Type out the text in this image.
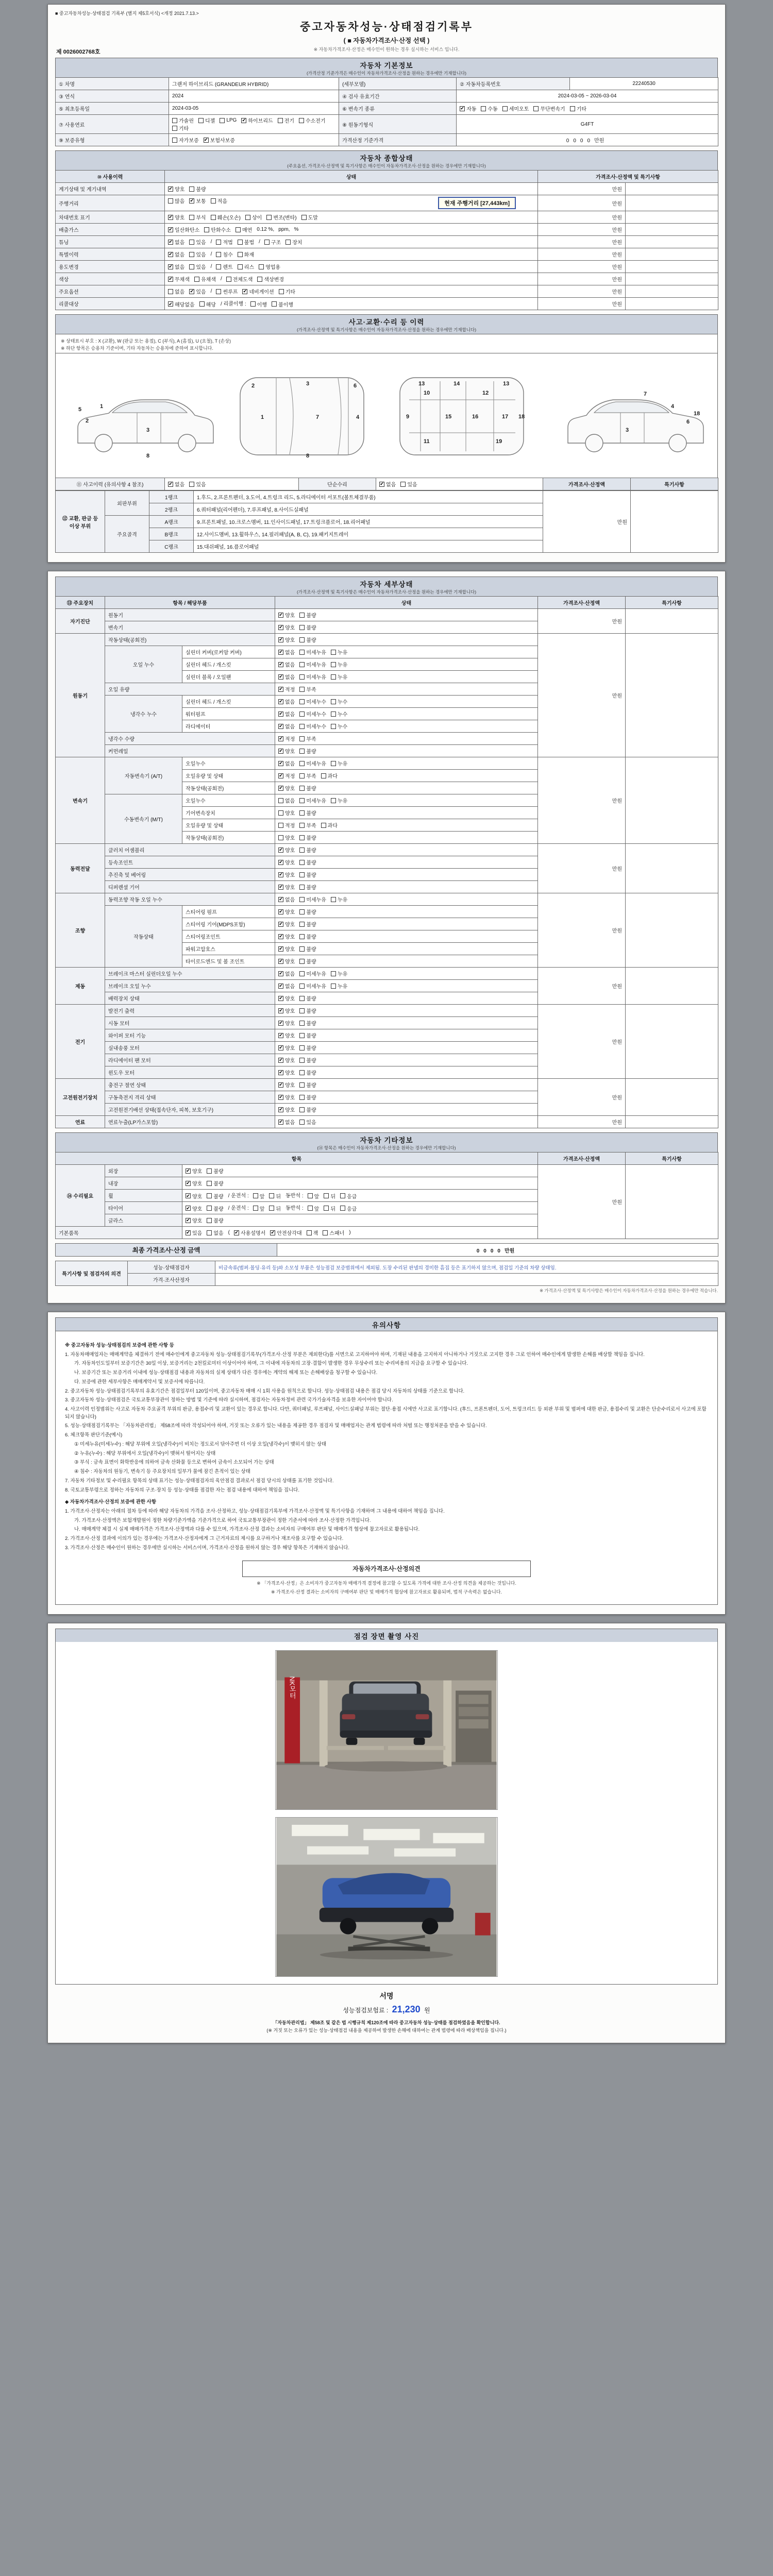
■ 중고자동차성능·상태점검 기록부 (별지 제5호서식) <개정 2021.7.13.>
중고자동차성능·상태점검기록부
( ■ 자동차가격조사·산정 선택 )
※ 자동차가격조사·산정은 매수인이 원하는 경우 실시하는 서비스 입니다.
제 0026002768호
자동차 기본정보
(가격산정 기준가격은 매수인이 자동차가격조사·산정을 원하는 경우에만 기재합니다)
① 차명	그랜저 하이브리드 (GRANDEUR HYBRID)	(세부모델)	② 자동차등록번호	22240530
③ 연식	2024	④ 검사 유효기간	2024-03-05 ~ 2026-03-04	
⑤ 최초등록일	2024-03-05	⑥ 변속기 종류	✔ 자동 수동 세미오토 무단변속기 기타

⑦ 사용연료	
가솔린 디젤 LPG ✔ 하이브리드 전기 수소전기
기타
	⑧ 원동기형식	G4FT
⑨ 보증유형	자가보증 ✔ 보험사보증	가격산정 기준가격	0 0 0 0 만원	
자동차 종합상태
(주요옵션, 가격조사·산정액 및 특기사항은 매수인이 자동차가격조사·산정을 원하는 경우에만 기재합니다)
⑩ 사용이력	상태	가격조사·산정액 및 특기사항	
계기상태 및 계기내역	✔ 양호 불량	만원	
주행거리	많음 ✔ 보통 적음 현재 주행거리 [27,443km]	만원	
차대번호 표기	✔ 양호 부식 훼손(오손) 상이 변조(변타) 도말	만원	
배출가스	✔ 일산화탄소 탄화수소 매연 0.12 %, ppm, %	만원	
튜닝	✔ 없음 있음 / 적법 불법 / 구조 장치	만원	
특별이력	✔ 없음 있음 / 침수 화재	만원	
용도변경	✔ 없음 있음 / 렌트 리스 영업용	만원	
색상	✔ 무채색 유채색 / 전체도색 색상변경	만원	
주요옵션	없음 ✔ 있음 / 썬루프 ✔ 네비게이션 기타	만원	
리콜대상	✔ 해당없음 해당 / 리콜이행 : 이행 불이행	만원	
사고·교환·수리 등 이력
(가격조사·산정액 및 특기사항은 매수인이 자동차가격조사·산정을 원하는 경우에만 기재합니다)
※ 상태표시 부호 : X (교환), W (판금 또는 용접), C (부식), A (흠집), U (요철), T (손상)
※ 하단 항목은 승용차 기준이며, 기타 자동차는 승용차에 준하여 표시합니다.
1
2
3
5
8
2
1
3
7
6
4
8
9
10
11
13
15
14
16
12
19
13
17 18
7
3
4
6
18
⑪ 사고이력 (유의사항 4 참조)	✔ 없음 있음	단순수리	✔ 없음 있음	가격조사·산정액	특기사항
⑫ 교환, 판금 등 이상 부위	외판부위	1랭크	1.후드, 2.프론트펜더, 3.도어, 4.트렁크 리드, 5.라디에이터 서포트(볼트체결부품)	만원	
		2랭크	6.쿼터패널(리어펜더), 7.루프패널, 8.사이드실패널		
	주요골격	A랭크	9.프론트패널, 10.크로스멤버, 11.인사이드패널, 17.트렁크플로어, 18.리어패널		
		B랭크	12.사이드멤버, 13.휠하우스, 14.필러패널(A, B, C), 19.패키지트레이		
		C랭크	15.대쉬패널, 16.플로어패널		
자동차 세부상태
(가격조사·산정액 및 특기사항은 매수인이 자동차가격조사·산정을 원하는 경우에만 기재합니다)
⑬ 주요장치	항목 / 해당부품		상태	가격조사·산정액	특기사항
자기진단	원동기		✔ 양호 불량	만원	
	변속기		✔ 양호 불량		

원동기	작동상태(공회전)		✔ 양호 불량	만원	
	오일 누수	실린더 커버(로커암 커버)	✔ 없음 미세누유 누유		

		실린더 헤드 / 개스킷	✔ 없음 미세누유 누유		

		실린더 블록 / 오일팬	✔ 없음 미세누유 누유		

	오일 유량		✔ 적정 부족		

	냉각수 누수	실린더 헤드 / 개스킷	✔ 없음 미세누수 누수		

		워터펌프	✔ 없음 미세누수 누수		

		라디에이터	✔ 없음 미세누수 누수		

	냉각수 수량		✔ 적정 부족		

	커먼레일		✔ 양호 불량		

변속기	자동변속기 (A/T)	오일누수	✔ 없음 미세누유 누유	만원	
		오일유량 및 상태	✔ 적정 부족 과다		

		작동상태(공회전)	✔ 양호 불량		

	수동변속기 (M/T)	오일누수	없음 미세누유 누유		

		기어변속장치	양호 불량		

		오일유량 및 상태	적정 부족 과다		

		작동상태(공회전)	양호 불량		

동력전달	클러치 어셈블리		✔ 양호 불량	만원	
	등속조인트		✔ 양호 불량		

	추진축 및 베어링		✔ 양호 불량		

	디퍼렌셜 기어		✔ 양호 불량		

조향	동력조향 작동 오일 누수		✔ 없음 미세누유 누유	만원	
	작동상태	스티어링 펌프	✔ 양호 불량		

		스티어링 기어(MDPS포함)	✔ 양호 불량		

		스티어링조인트	✔ 양호 불량		

		파워고압호스	✔ 양호 불량		

		타이로드엔드 및 볼 조인트	✔ 양호 불량		

제동	브레이크 마스터 실린더오일 누수		✔ 없음 미세누유 누유	만원	
	브레이크 오일 누수		✔ 없음 미세누유 누유		

	배력장치 상태		✔ 양호 불량		

전기	발전기 출력		✔ 양호 불량	만원	
	시동 모터		✔ 양호 불량		

	와이퍼 모터 기능		✔ 양호 불량		

	실내송풍 모터		✔ 양호 불량		

	라디에이터 팬 모터		✔ 양호 불량		

	윈도우 모터		✔ 양호 불량		

고전원전기장치	충전구 절연 상태		✔ 양호 불량	만원	
	구동축전지 격리 상태		✔ 양호 불량		

	고전원전기배선 상태(접속단자, 피복, 보호기구)		✔ 양호 불량		

연료	연료누출(LP가스포함)		✔ 없음 있음	만원	
자동차 기타정보
(⑭ 항목은 매수인이 자동차가격조사·산정을 원하는 경우에만 기재합니다)
항목			가격조사·산정액	특기사항
⑭ 수리필요	외장	✔ 양호 불량	만원	
	내장	✔ 양호 불량		

휠	✔ 양호 불량 / 운전석 : 앞 뒤 동반석 : 앞 뒤 응급

타이어	✔ 양호 불량 / 운전석 : 앞 뒤 동반석 : 앞 뒤 응급

	글라스	✔ 양호 불량		

기본품목	✔ 있음 없음 ( ✔ 사용설명서 ✔ 안전삼각대 잭 스패너 )
최종 가격조사·산정 금액	0 0 0 0 만원
특기사항 및 점검자의 의견	성능·상태점검자	비금속류(범퍼·몰딩·유리 등)와 소모성 부품은 성능점검 보증범위에서 제외됨. 도장 수리된 판넬의 경미한 흠집 등은 표기하지 않으며, 점검일 기준의 차량 상태임.
	가격·조사산정자	
※ 가격조사·산정액 및 특기사항은 매수인이 자동차가격조사·산정을 원하는 경우에만 적습니다.
유의사항
※ 중고자동차 성능·상태점검의 보증에 관한 사항 등
1. 자동차매매업자는 매매계약을 체결하기 전에 매수인에게 중고자동차 성능·상태점검기록부(가격조사·산정 부분은 제외한다)를 서면으로 고지하여야 하며, 기재된 내용을 고지하지 아니하거나 거짓으로 고지한 경우 그로 인하여 매수인에게 발생한 손해를 배상할 책임을 집니다.
가. 자동차인도일부터 보증기간은 30일 이상, 보증거리는 2천킬로미터 이상이어야 하며, 그 이내에 자동차의 고장·결함이 발생한 경우 무상수리 또는 수리비용의 지급을 요구할 수 있습니다.
나. 보증기간 또는 보증거리 이내에 성능·상태점검 내용과 자동차의 실제 상태가 다른 경우에는 계약의 해제 또는 손해배상을 청구할 수 있습니다.
다. 보증에 관한 세부사항은 매매계약서 및 보증서에 따릅니다.
2. 중고자동차 성능·상태점검기록부의 유효기간은 점검일부터 120일이며, 중고자동차 매매 시 1회 사용을 원칙으로 합니다. 성능·상태점검 내용은 점검 당시 자동차의 상태를 기준으로 합니다.
3. 중고자동차 성능·상태점검은 국토교통부장관이 정하는 방법 및 기준에 따라 실시하며, 점검자는 자동차정비 관련 국가기술자격을 보유한 자이어야 합니다.
4. 사고이력 인정범위는 사고로 자동차 주요골격 부위의 판금, 용접수리 및 교환이 있는 경우로 합니다. 다만, 쿼터패널, 루프패널, 사이드실패널 부위는 절단·용접 시에만 사고로 표기합니다. (후드, 프론트펜더, 도어, 트렁크리드 등 외판 부위 및 범퍼에 대한 판금, 용접수리 및 교환은 단순수리로서 사고에 포함되지 않습니다)
5. 성능·상태점검기록부는 「자동차관리법」 제58조에 따라 작성되어야 하며, 거짓 또는 오류가 있는 내용을 제공한 경우 점검자 및 매매업자는 관계 법령에 따라 처벌 또는 행정처분을 받을 수 있습니다.
6. 체크항목 판단기준(예시)
① 미세누유(미세누수) : 해당 부위에 오일(냉각수)이 비치는 정도로서 닦아주면 더 이상 오일(냉각수)이 맺히지 않는 상태
② 누유(누수) : 해당 부위에서 오일(냉각수)이 맺혀서 떨어지는 상태
③ 부식 : 금속 표면이 화학반응에 의하여 금속 산화물 등으로 변하여 금속이 소모되어 가는 상태
④ 침수 : 자동차의 원동기, 변속기 등 주요장치의 일부가 물에 잠긴 흔적이 있는 상태
7. 자동차 기타정보 및 수리필요 항목의 상태 표기는 성능·상태점검자의 육안점검 결과로서 점검 당시의 상태를 표기한 것입니다.
8. 국토교통부령으로 정하는 자동차의 구조·장치 등 성능·상태를 점검한 자는 점검 내용에 대하여 책임을 집니다.
◆ 자동차가격조사·산정의 보증에 관한 사항
1. 가격조사·산정자는 아래의 절차 등에 따라 해당 자동차의 가격을 조사·산정하고, 성능·상태점검기록부에 가격조사·산정액 및 특기사항을 기재하며 그 내용에 대하여 책임을 집니다.
가. 가격조사·산정액은 보험개발원이 정한 차량기준가액을 기준가격으로 하여 국토교통부장관이 정한 기준서에 따라 조사·산정한 가격입니다.
나. 매매계약 체결 시 실제 매매가격은 가격조사·산정액과 다를 수 있으며, 가격조사·산정 결과는 소비자의 구매여부 판단 및 매매가격 협상에 참고자료로 활용됩니다.
2. 가격조사·산정 결과에 이의가 있는 경우에는 가격조사·산정자에게 그 근거자료의 제시를 요구하거나 재조사를 요구할 수 있습니다.
3. 가격조사·산정은 매수인이 원하는 경우에만 실시하는 서비스이며, 가격조사·산정을 원하지 않는 경우 해당 항목은 기재하지 않습니다.
자동차가격조사·산정의견
※ 「가격조사·산정」은 소비자가 중고자동차 매매가격 결정에 참고할 수 있도록 가격에 대한 조사·산정 의견을 제공하는 것입니다.
※ 가격조사·산정 결과는 소비자의 구매여부 판단 및 매매가격 협상에 참고자료로 활용되며, 법적 구속력은 없습니다.
점검 장면 촬영 사진
NK모터
서명
성능점검보험료 : 21,230 원
「자동차관리법」 제58조 및 같은 법 시행규칙 제120조에 따라 중고자동차 성능·상태를 점검하였음을 확인합니다.
(※ 거짓 또는 오류가 있는 성능·상태점검 내용을 제공하여 발생한 손해에 대하여는 관계 법령에 따라 배상책임을 집니다.)
